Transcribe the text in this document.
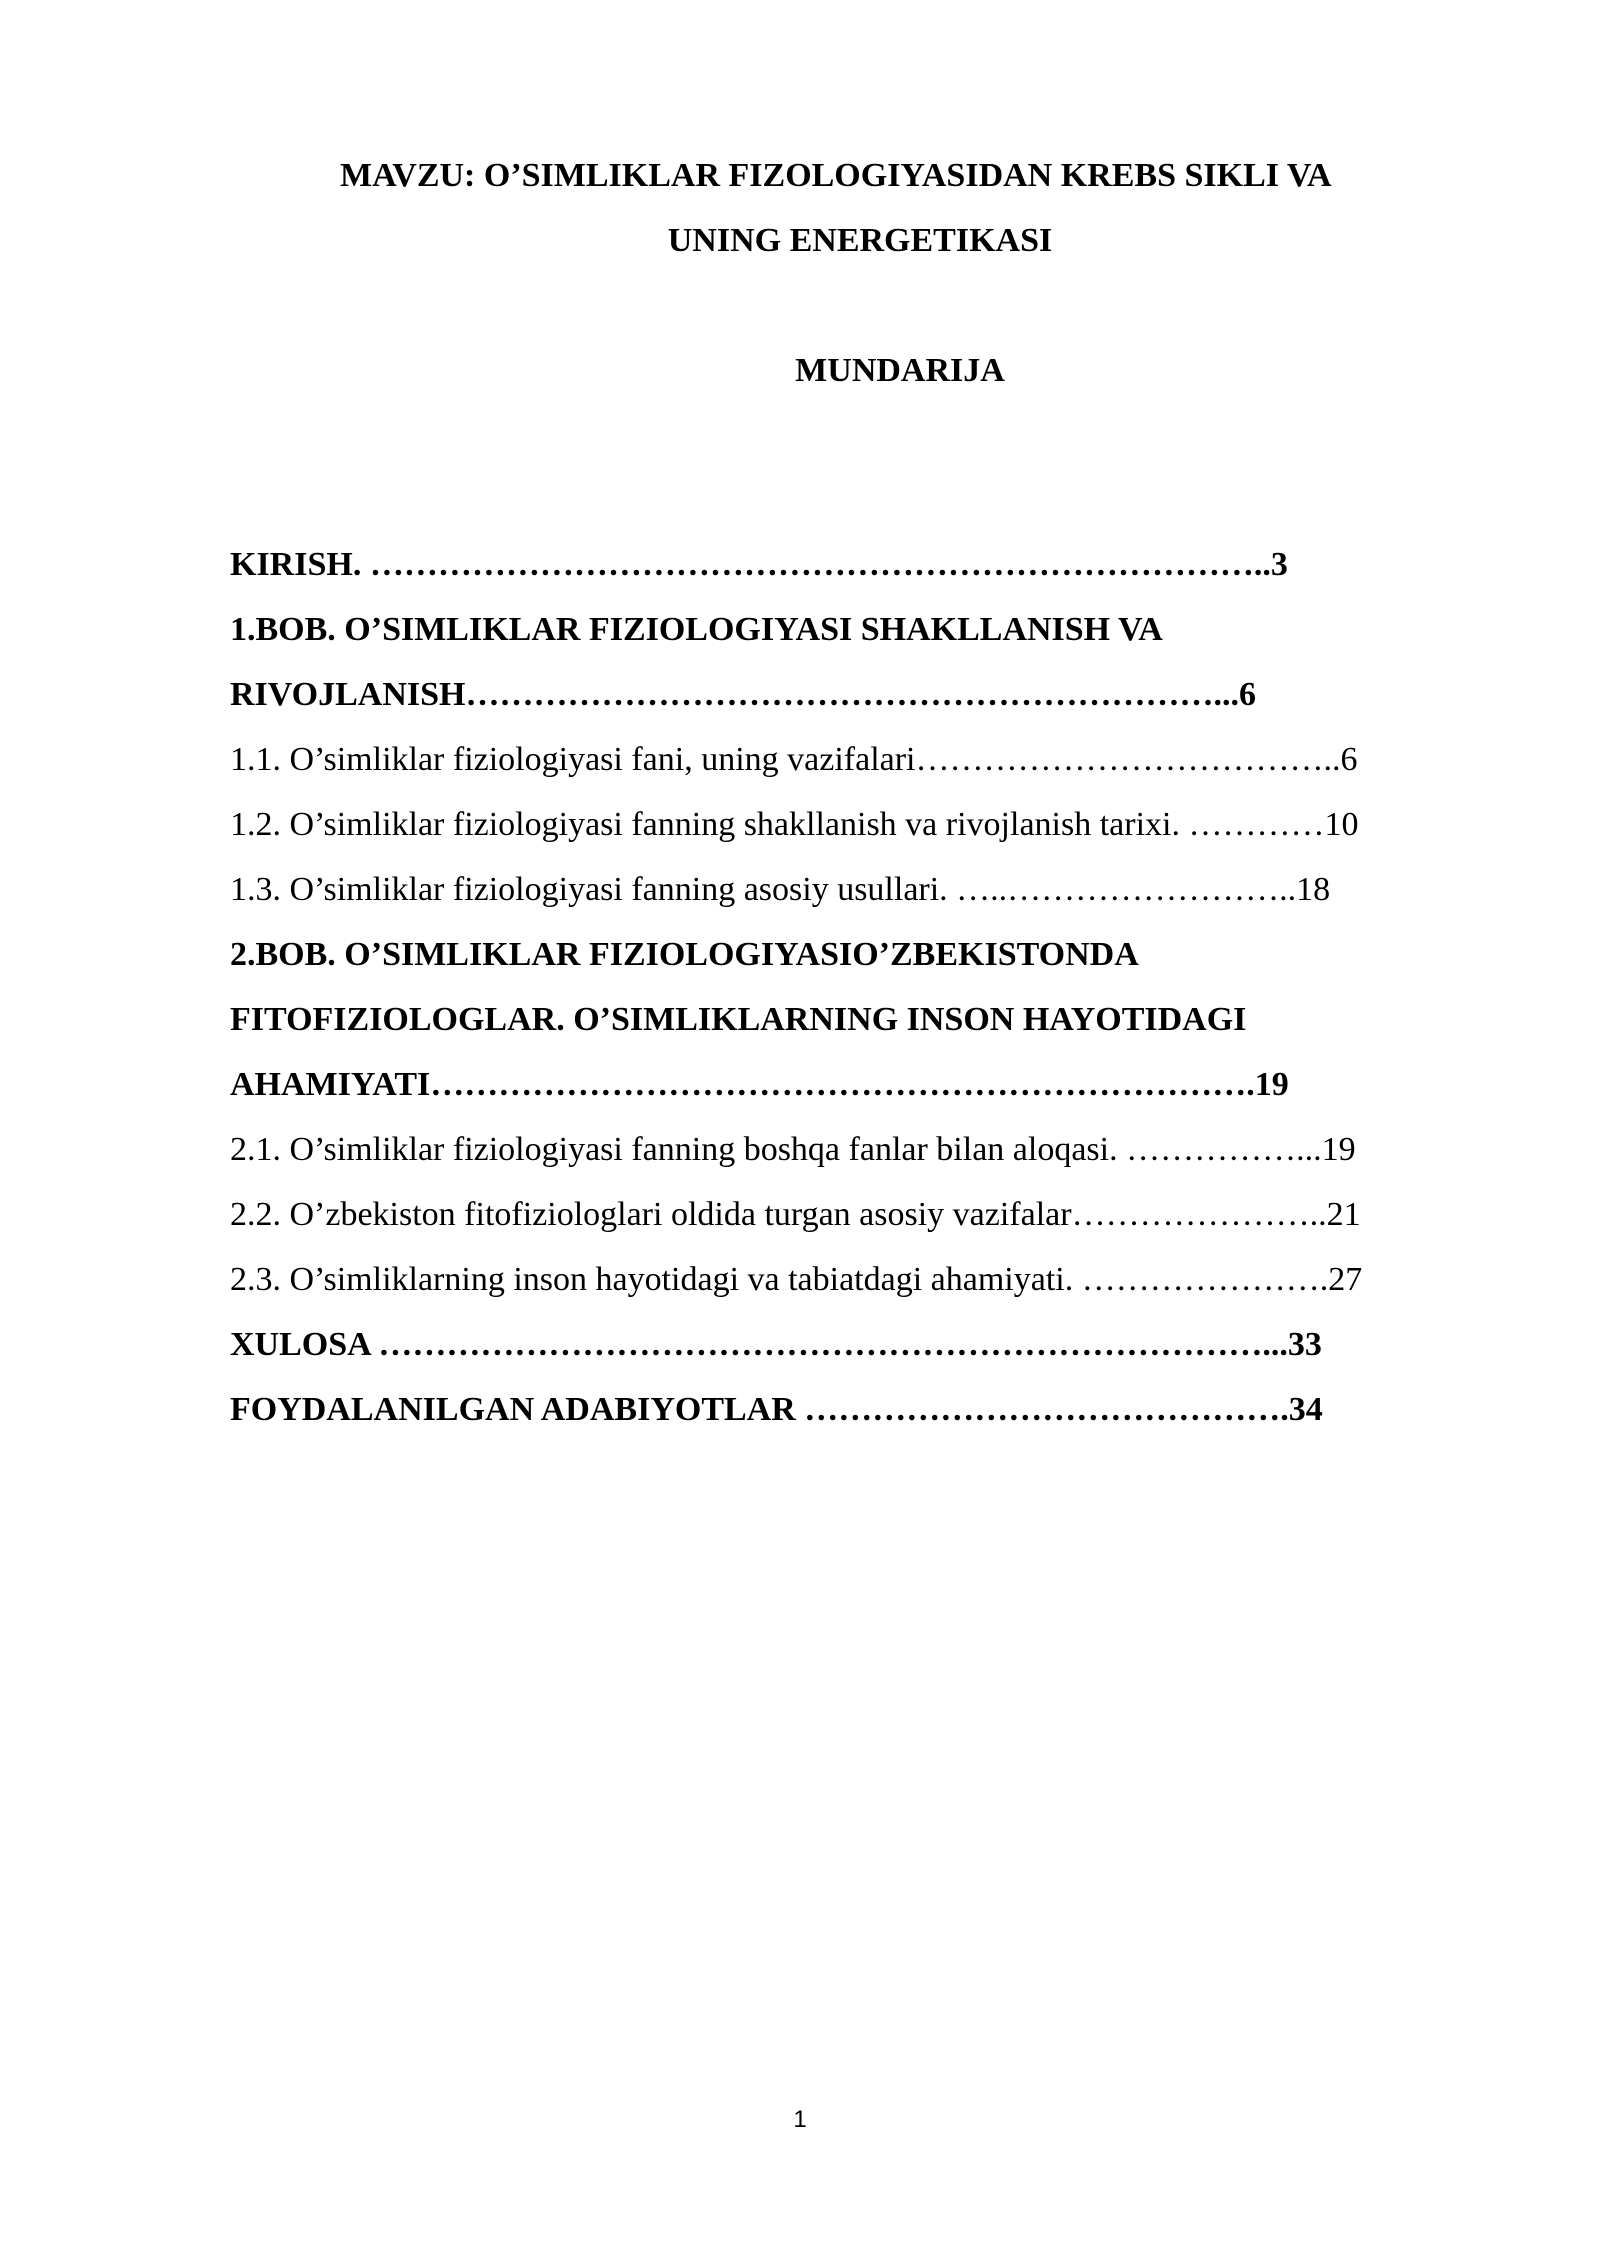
MAVZU: O’SIMLIKLAR FIZOLOGIYASIDAN KREBS SIKLI VA
UNING ENERGETIKASI
MUNDARIJA
KIRISH. ……………………………………………………………………..3
1.BOB. O’SIMLIKLAR FIZIOLOGIYASI SHAKLLANISH VA
RIVOJLANISH…………………………………………………………...6
1.1. O’simliklar fiziologiyasi fani, uning vazifalari………………………………..6
1.2. O’simliklar fiziologiyasi fanning shakllanish va rivojlanish tarixi. …………10
1.3. O’simliklar fiziologiyasi fanning asosiy usullari. …..……………………..18
2.BOB. O’SIMLIKLAR FIZIOLOGIYASIO’ZBEKISTONDA
FITOFIZIOLOGLAR. O’SIMLIKLARNING INSON HAYOTIDAGI
AHAMIYATI……………………………………………………………….19
2.1. O’simliklar fiziologiyasi fanning boshqa fanlar bilan aloqasi. ……………...19
2.2. O’zbekiston fitofiziologlari oldida turgan asosiy vazifalar…………………..21
2.3. O’simliklarning inson hayotidagi va tabiatdagi ahamiyati. ………………….27
XULOSA ……………………………………………………………………...33
FOYDALANILGAN ADABIYOTLAR …………………………………….34
1
